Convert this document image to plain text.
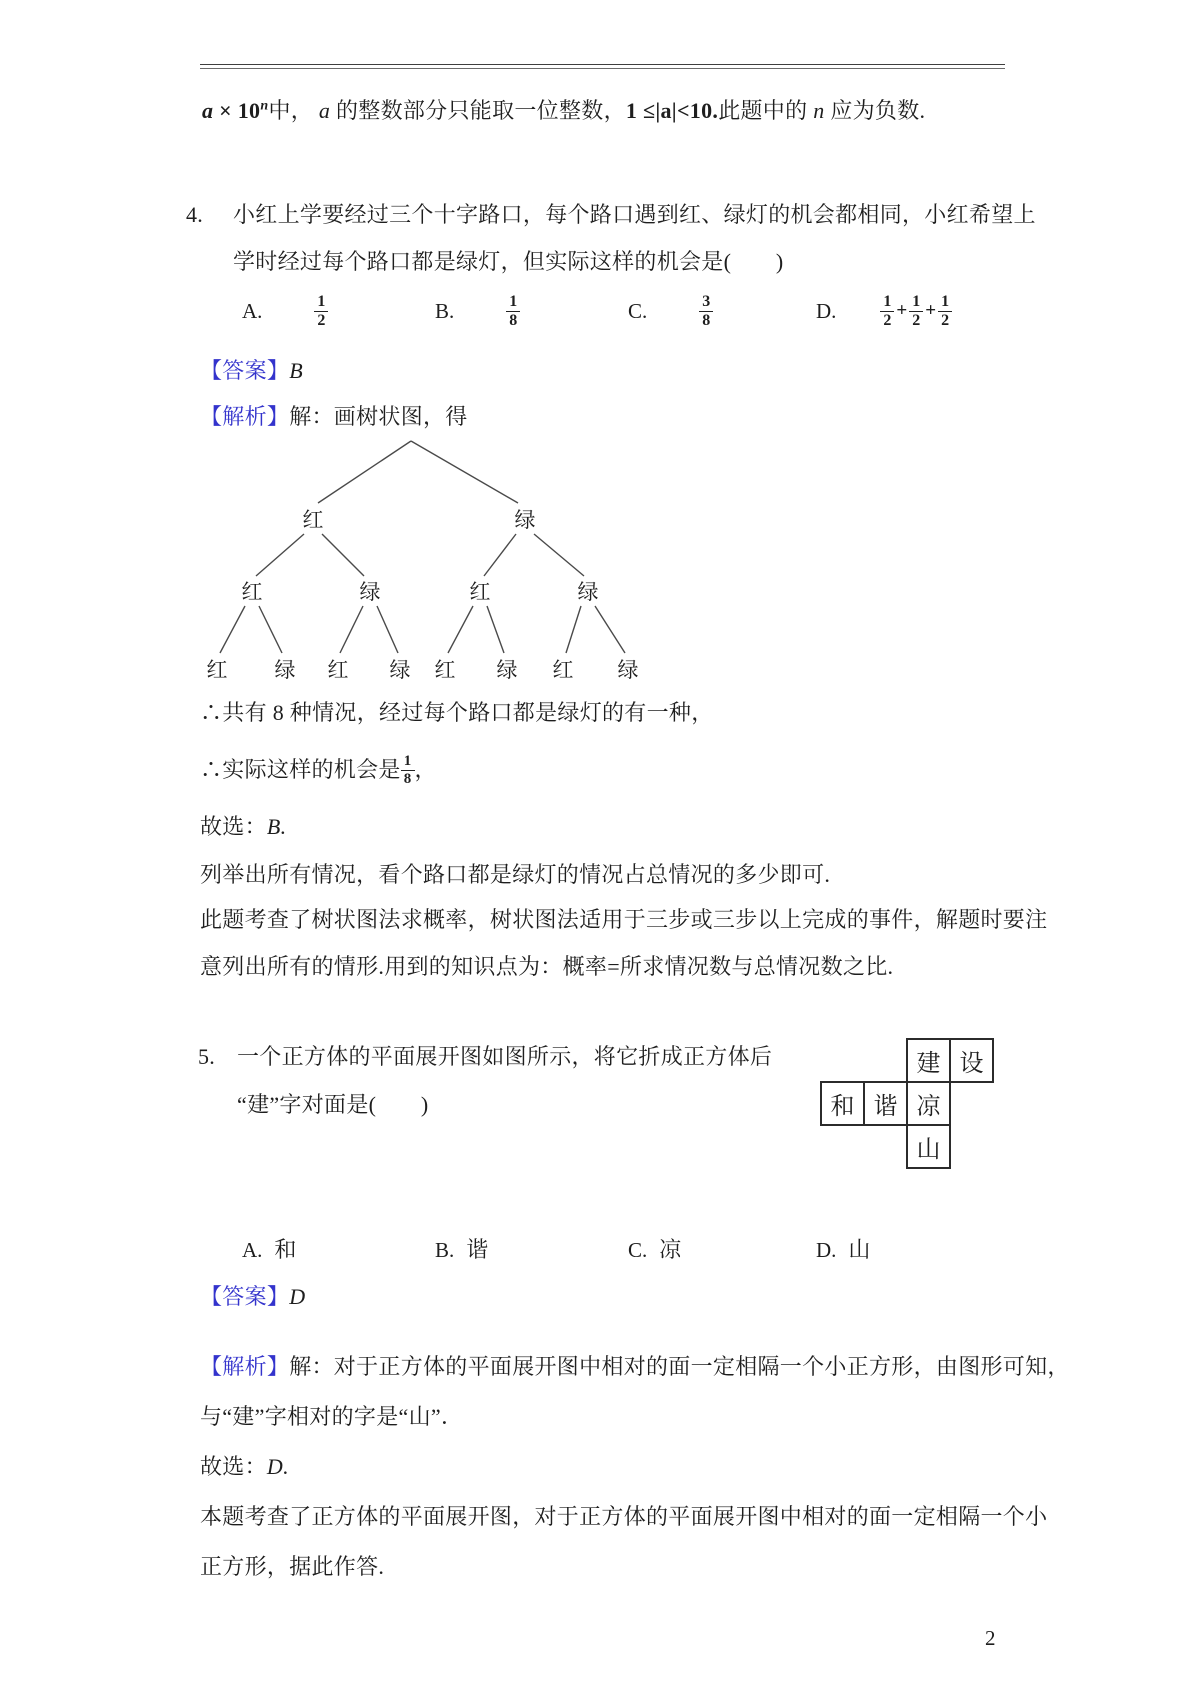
$a \times 10^n$中， a 的整数部分只能取一位整数，1 ≤|a|<10.此题中的 n 应为负数.
4. 小红上学要经过三个十字路口，每个路口遇到红、绿灯的机会都相同，小红希望上
学时经过每个路口都是绿灯，但实际这样的机会是(　　)
A.	$\frac{1}{2}$	B.	$\frac{1}{8}$	C.	$\frac{3}{8}$	D.	$\frac{1}{2} + \frac{1}{2} + \frac{1}{2}$
【答案】B
【解析】解：画树状图，得
红	绿
红	绿	红	绿
红 绿 红 绿 红 绿 红 绿
∴共有 8 种情况，经过每个路口都是绿灯的有一种，
∴实际这样的机会是 $\frac{1}{8}$ ，
故选：B.
列举出所有情况，看个路口都是绿灯的情况占总情况的多少即可.
此题考查了树状图法求概率，树状图法适用于三步或三步以上完成的事件，解题时要注
意列出所有的情形.用到的知识点为：概率=所求情况数与总情况数之比.
5. 一个正方体的平面展开图如图所示，将它折成正方体后
“建”字对面是(　　)
建 设
和 谐 凉
山
A. 和	B. 谐	C. 凉	D. 山
【答案】D
【解析】解：对于正方体的平面展开图中相对的面一定相隔一个小正方形，由图形可知，
与“建”字相对的字是“山”．
故选：D.
本题考查了正方体的平面展开图，对于正方体的平面展开图中相对的面一定相隔一个小
正方形，据此作答.
2
